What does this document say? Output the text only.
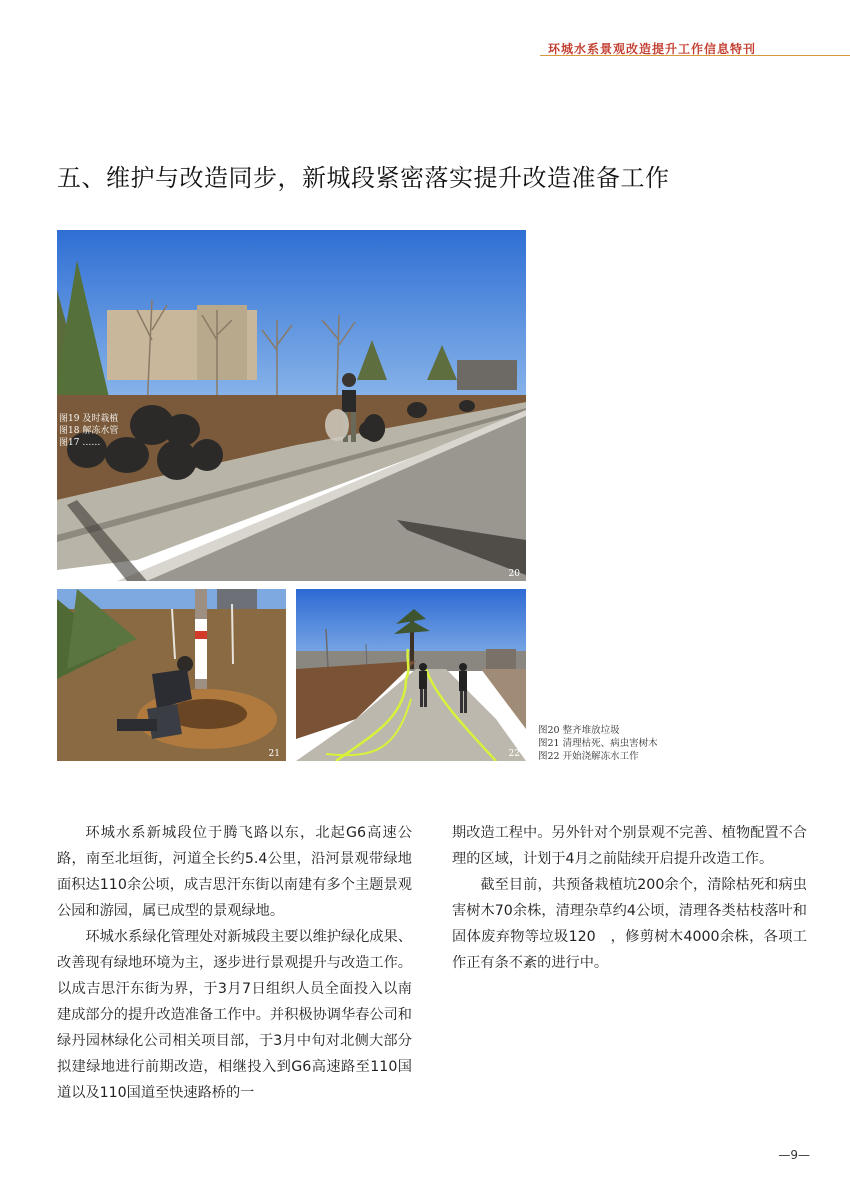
环城水系景观改造提升工作信息特刊
五、维护与改造同步，新城段紧密落实提升改造准备工作
图19 及时栽植
图18 解冻水管
图17 ……
20
21	22
图20 整齐堆放垃圾
图21 清理枯死、病虫害树木
图22 开始浇解冻水工作

环城水系新城段位于腾飞路以东，北起G6高速公路，南至北垣街，河道全长约5.4公里，沿河景观带绿地面积达110余公顷，成吉思汗东街以南建有多个主题景观公园和游园，属已成型的景观绿地。

环城水系绿化管理处对新城段主要以维护绿化成果、改善现有绿地环境为主，逐步进行景观提升与改造工作。以成吉思汗东街为界，于3月7日组织人员全面投入以南建成部分的提升改造准备工作中。并积极协调华春公司和绿丹园林绿化公司相关项目部，于3月中旬对北侧大部分拟建绿地进行前期改造，相继投入到G6高速路至110国道以及110国道至快速路桥的一

期改造工程中。另外针对个别景观不完善、植物配置不合理的区域，计划于4月之前陆续开启提升改造工作。

截至目前，共预备栽植坑200余个，清除枯死和病虫害树木70余株，清理杂草约4公顷，清理各类枯枝落叶和固体废弃物等垃圾120　，修剪树木4000余株，各项工作正有条不紊的进行中。

—9—
